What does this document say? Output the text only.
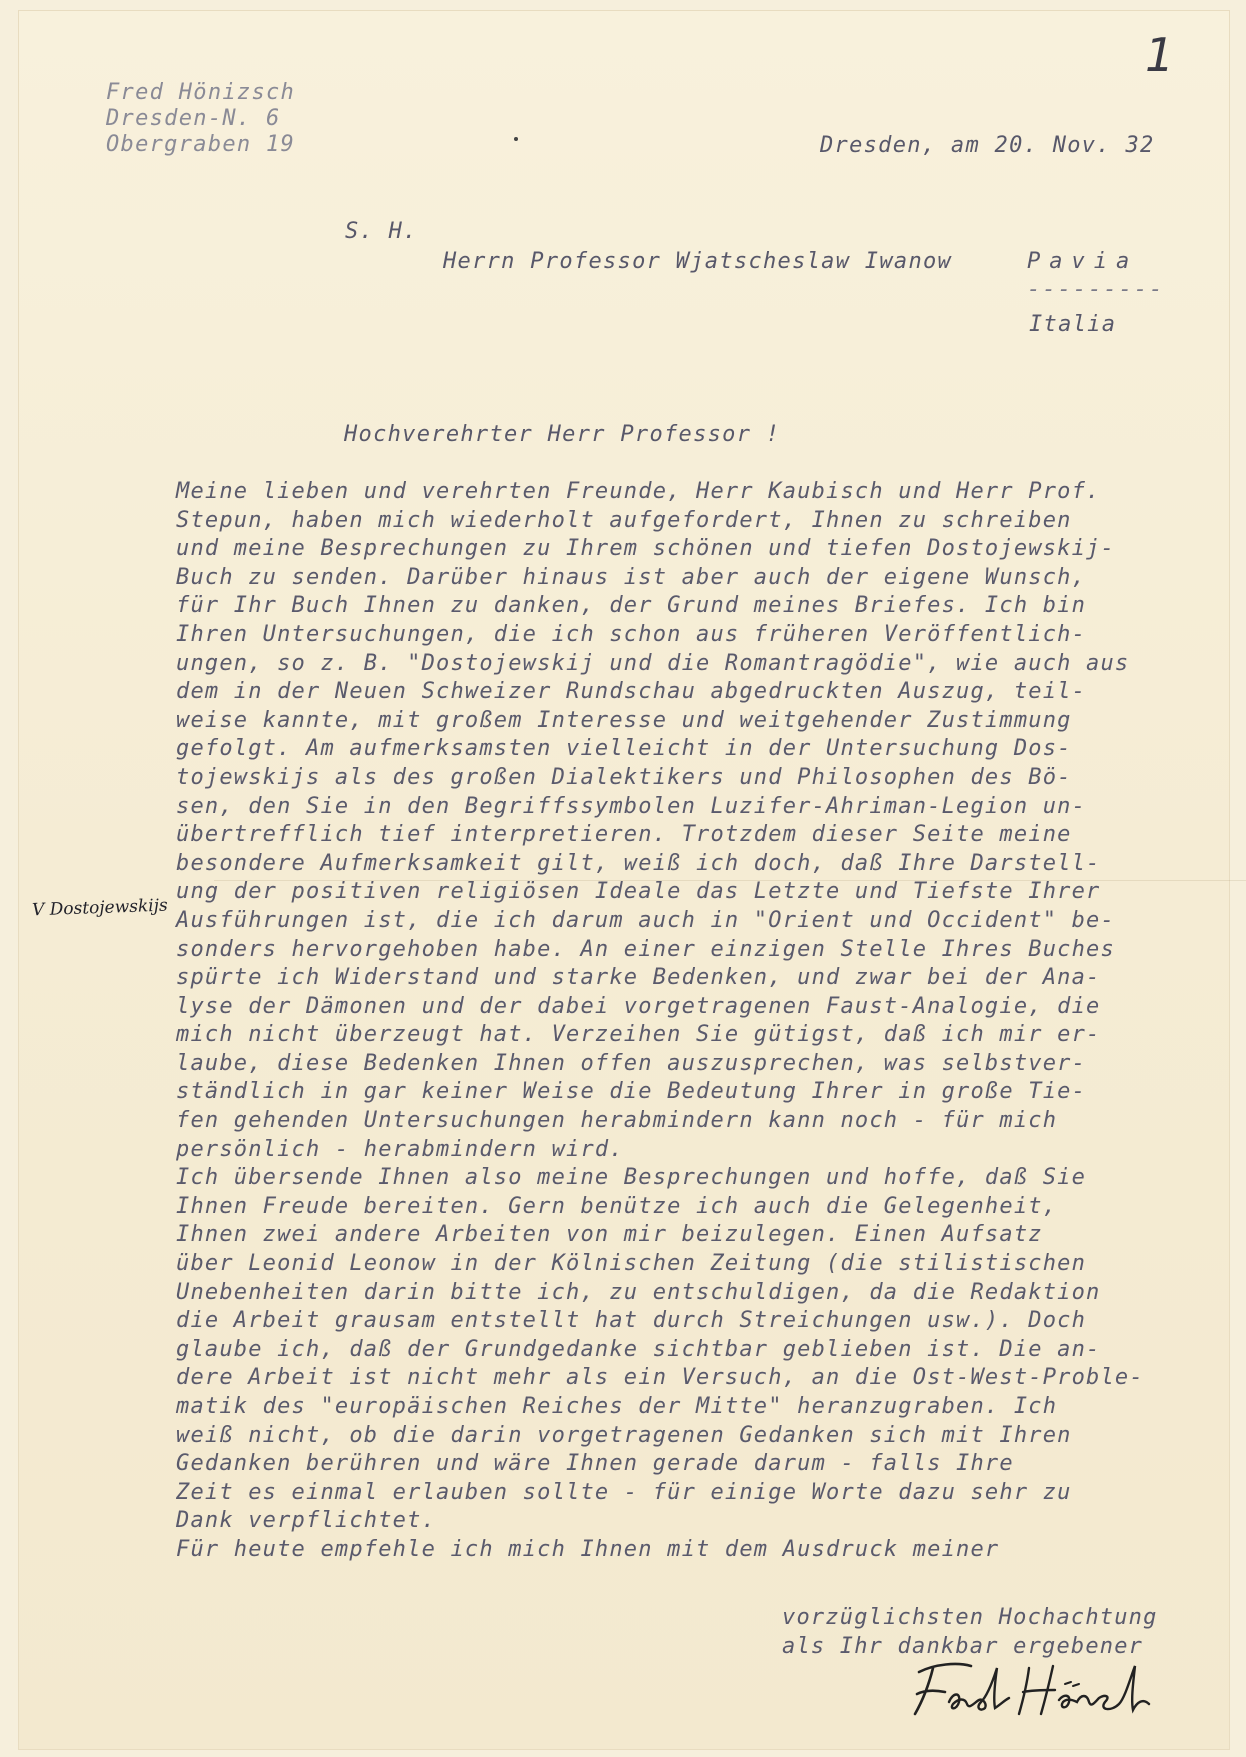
1
Fred Hönizsch
Dresden-N. 6
Obergraben 19	Dresden, am 20. Nov. 32
S. H.
Herrn Professor Wjatscheslaw Iwanow	Pavia
---------
Italia
Hochverehrter Herr Professor !
Meine lieben und verehrten Freunde, Herr Kaubisch und Herr Prof.
Stepun, haben mich wiederholt aufgefordert, Ihnen zu schreiben
und meine Besprechungen zu Ihrem schönen und tiefen Dostojewskij-
Buch zu senden. Darüber hinaus ist aber auch der eigene Wunsch,
für Ihr Buch Ihnen zu danken, der Grund meines Briefes. Ich bin
Ihren Untersuchungen, die ich schon aus früheren Veröffentlich-
ungen, so z. B. "Dostojewskij und die Romantragödie", wie auch aus
dem in der Neuen Schweizer Rundschau abgedruckten Auszug, teil-
weise kannte, mit großem Interesse und weitgehender Zustimmung
gefolgt. Am aufmerksamsten vielleicht in der Untersuchung Dos-
tojewskijs als des großen Dialektikers und Philosophen des Bö-
sen, den Sie in den Begriffssymbolen Luzifer-Ahriman-Legion un-
übertrefflich tief interpretieren. Trotzdem dieser Seite meine
besondere Aufmerksamkeit gilt, weiß ich doch, daß Ihre Darstell-
ung der positiven religiösen Ideale das Letzte und Tiefste Ihrer
Ausführungen ist, die ich darum auch in "Orient und Occident" be-
sonders hervorgehoben habe. An einer einzigen Stelle Ihres Buches
spürte ich Widerstand und starke Bedenken, und zwar bei der Ana-
lyse der Dämonen und der dabei vorgetragenen Faust-Analogie, die
mich nicht überzeugt hat. Verzeihen Sie gütigst, daß ich mir er-
laube, diese Bedenken Ihnen offen auszusprechen, was selbstver-
ständlich in gar keiner Weise die Bedeutung Ihrer in große Tie-
fen gehenden Untersuchungen herabmindern kann noch - für mich
persönlich - herabmindern wird.
Ich übersende Ihnen also meine Besprechungen und hoffe, daß Sie
Ihnen Freude bereiten. Gern benütze ich auch die Gelegenheit,
Ihnen zwei andere Arbeiten von mir beizulegen. Einen Aufsatz
über Leonid Leonow in der Kölnischen Zeitung (die stilistischen
Unebenheiten darin bitte ich, zu entschuldigen, da die Redaktion
die Arbeit grausam entstellt hat durch Streichungen usw.). Doch
glaube ich, daß der Grundgedanke sichtbar geblieben ist. Die an-
dere Arbeit ist nicht mehr als ein Versuch, an die Ost-West-Proble-
matik des "europäischen Reiches der Mitte" heranzugraben. Ich
weiß nicht, ob die darin vorgetragenen Gedanken sich mit Ihren
Gedanken berühren und wäre Ihnen gerade darum - falls Ihre
Zeit es einmal erlauben sollte - für einige Worte dazu sehr zu
Dank verpflichtet.
Für heute empfehle ich mich Ihnen mit dem Ausdruck meiner
vorzüglichsten Hochachtung
als Ihr dankbar ergebener
V Dostojewskijs
